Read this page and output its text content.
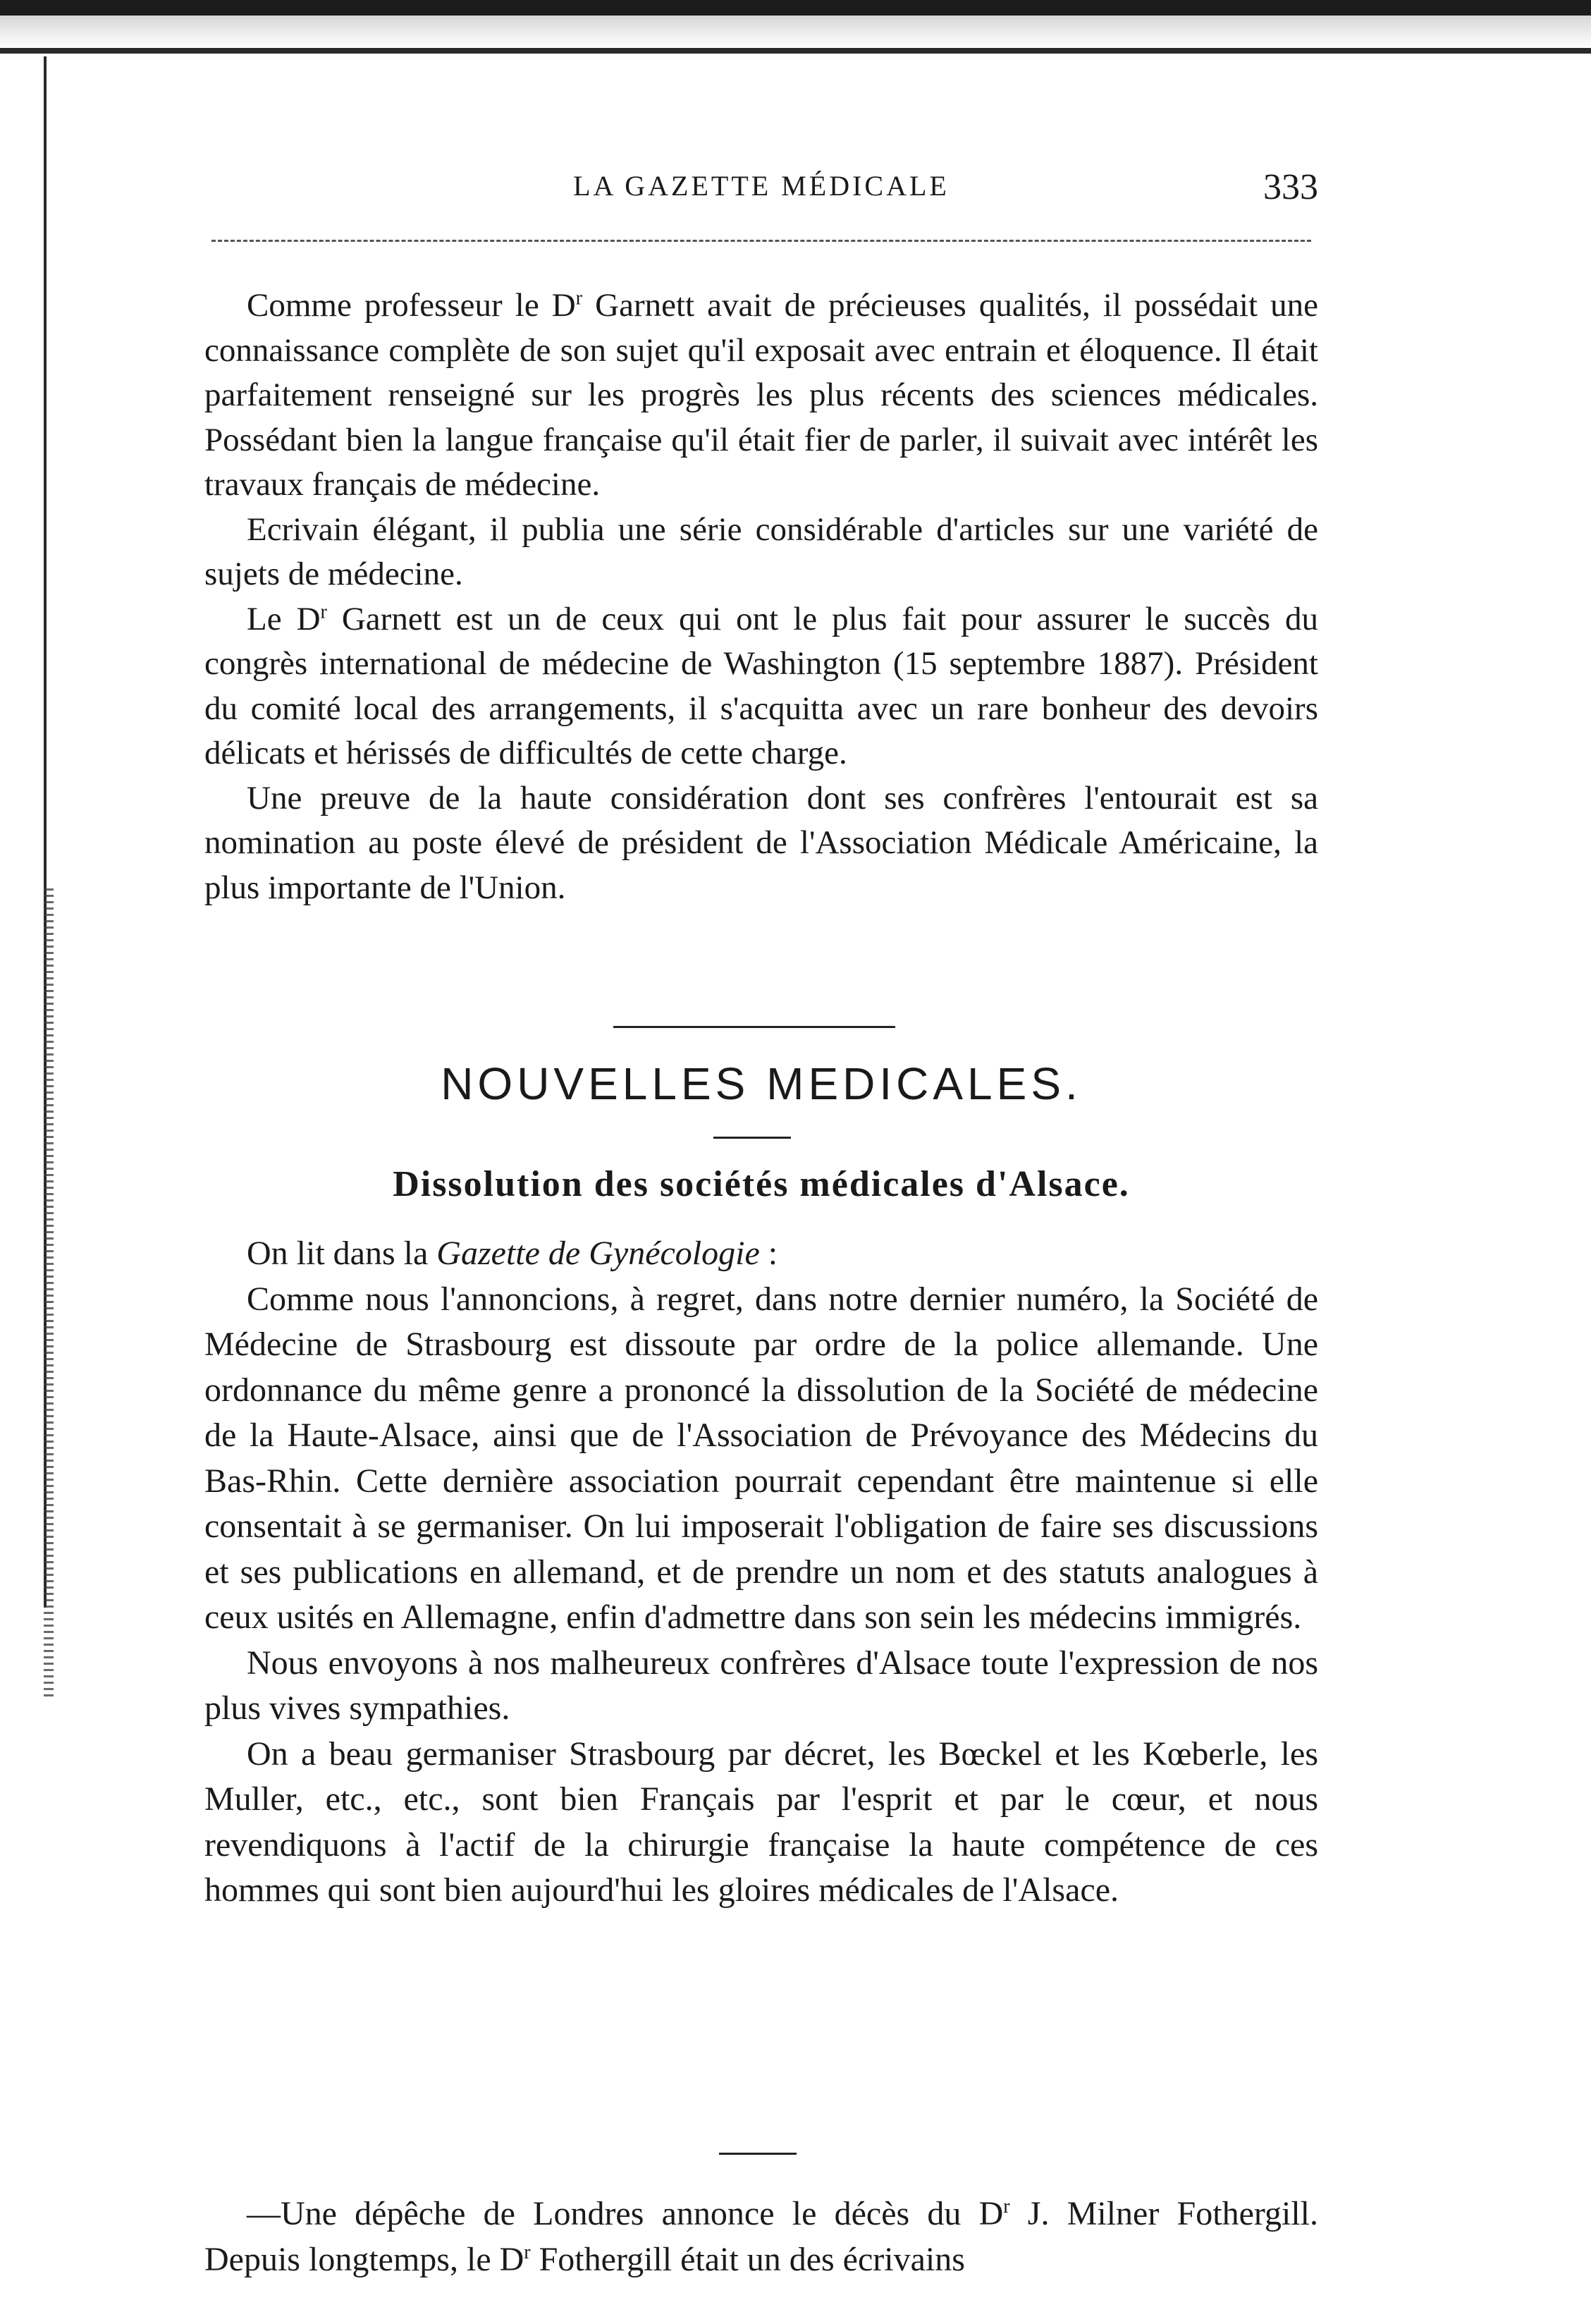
LA GAZETTE MÉDICALE	333

Comme professeur le $D^r$ Garnett avait de précieuses qualités, il possédait une connaissance complète de son sujet qu'il exposait avec entrain et éloquence. Il était parfaitement renseigné sur les progrès les plus récents des sciences médicales. Possédant bien la langue française qu'il était fier de parler, il suivait avec intérêt les travaux français de médecine.

Ecrivain élégant, il publia une série considérable d'articles sur une variété de sujets de médecine.

Le $D^r$ Garnett est un de ceux qui ont le plus fait pour assurer le succès du congrès international de médecine de Washington (15 septembre 1887). Président du comité local des arrangements, il s'acquitta avec un rare bonheur des devoirs délicats et hérissés de difficultés de cette charge.

Une preuve de la haute considération dont ses confrères l'entourait est sa nomination au poste élevé de président de l'Association Médicale Américaine, la plus importante de l'Union.

NOUVELLES MEDICALES.
Dissolution des sociétés médicales d'Alsace.

On lit dans la Gazette de Gynécologie :

Comme nous l'annoncions, à regret, dans notre dernier numéro, la Société de Médecine de Strasbourg est dissoute par ordre de la police allemande. Une ordonnance du même genre a prononcé la dissolution de la Société de médecine de la Haute-Alsace, ainsi que de l'Association de Prévoyance des Médecins du Bas-Rhin. Cette dernière association pourrait cependant être maintenue si elle consentait à se germaniser. On lui imposerait l'obligation de faire ses discussions et ses publications en allemand, et de prendre un nom et des statuts analogues à ceux usités en Allemagne, enfin d'admettre dans son sein les médecins immigrés.

Nous envoyons à nos malheureux confrères d'Alsace toute l'expression de nos plus vives sympathies.

On a beau germaniser Strasbourg par décret, les Bœckel et les Kœberle, les Muller, etc., etc., sont bien Français par l'esprit et par le cœur, et nous revendiquons à l'actif de la chirurgie française la haute compétence de ces hommes qui sont bien aujourd'hui les gloires médicales de l'Alsace.

—Une dépêche de Londres annonce le décès du $D^r$ J. Milner Fothergill. Depuis longtemps, le $D^r$ Fothergill était un des écrivains
